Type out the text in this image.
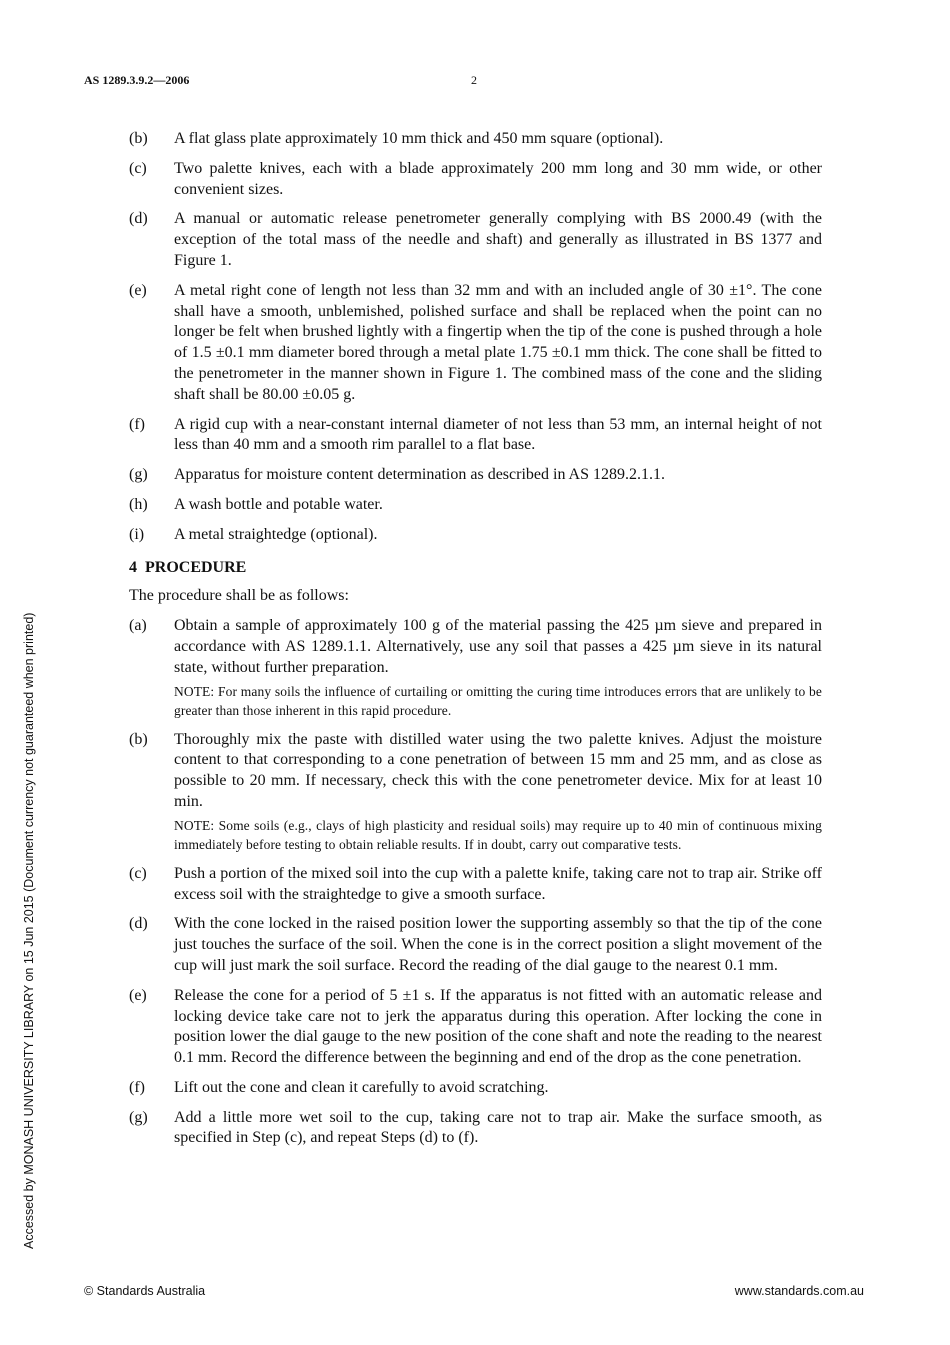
AS 1289.3.9.2—2006	2
(b) A flat glass plate approximately 10 mm thick and 450 mm square (optional).
(c) Two palette knives, each with a blade approximately 200 mm long and 30 mm wide, or other convenient sizes.
(d) A manual or automatic release penetrometer generally complying with BS 2000.49 (with the exception of the total mass of the needle and shaft) and generally as illustrated in BS 1377 and Figure 1.
(e) A metal right cone of length not less than 32 mm and with an included angle of 30 ±1°. The cone shall have a smooth, unblemished, polished surface and shall be replaced when the point can no longer be felt when brushed lightly with a fingertip when the tip of the cone is pushed through a hole of 1.5 ±0.1 mm diameter bored through a metal plate 1.75 ±0.1 mm thick. The cone shall be fitted to the penetrometer in the manner shown in Figure 1. The combined mass of the cone and the sliding shaft shall be 80.00 ±0.05 g.
(f) A rigid cup with a near-constant internal diameter of not less than 53 mm, an internal height of not less than 40 mm and a smooth rim parallel to a flat base.
(g) Apparatus for moisture content determination as described in AS 1289.2.1.1.
(h) A wash bottle and potable water.
(i) A metal straightedge (optional).
4 PROCEDURE
The procedure shall be as follows:
(a) Obtain a sample of approximately 100 g of the material passing the 425 µm sieve and prepared in accordance with AS 1289.1.1. Alternatively, use any soil that passes a 425 µm sieve in its natural state, without further preparation.
NOTE: For many soils the influence of curtailing or omitting the curing time introduces errors that are unlikely to be greater than those inherent in this rapid procedure.
(b) Thoroughly mix the paste with distilled water using the two palette knives. Adjust the moisture content to that corresponding to a cone penetration of between 15 mm and 25 mm, and as close as possible to 20 mm. If necessary, check this with the cone penetrometer device. Mix for at least 10 min.
NOTE: Some soils (e.g., clays of high plasticity and residual soils) may require up to 40 min of continuous mixing immediately before testing to obtain reliable results. If in doubt, carry out comparative tests.
(c) Push a portion of the mixed soil into the cup with a palette knife, taking care not to trap air. Strike off excess soil with the straightedge to give a smooth surface.
(d) With the cone locked in the raised position lower the supporting assembly so that the tip of the cone just touches the surface of the soil. When the cone is in the correct position a slight movement of the cup will just mark the soil surface. Record the reading of the dial gauge to the nearest 0.1 mm.
(e) Release the cone for a period of 5 ±1 s. If the apparatus is not fitted with an automatic release and locking device take care not to jerk the apparatus during this operation. After locking the cone in position lower the dial gauge to the new position of the cone shaft and note the reading to the nearest 0.1 mm. Record the difference between the beginning and end of the drop as the cone penetration.
(f) Lift out the cone and clean it carefully to avoid scratching.
(g) Add a little more wet soil to the cup, taking care not to trap air. Make the surface smooth, as specified in Step (c), and repeat Steps (d) to (f).
Accessed by MONASH UNIVERSITY LIBRARY on 15 Jun 2015 (Document currency not guaranteed when printed)
© Standards Australia	www.standards.com.au
